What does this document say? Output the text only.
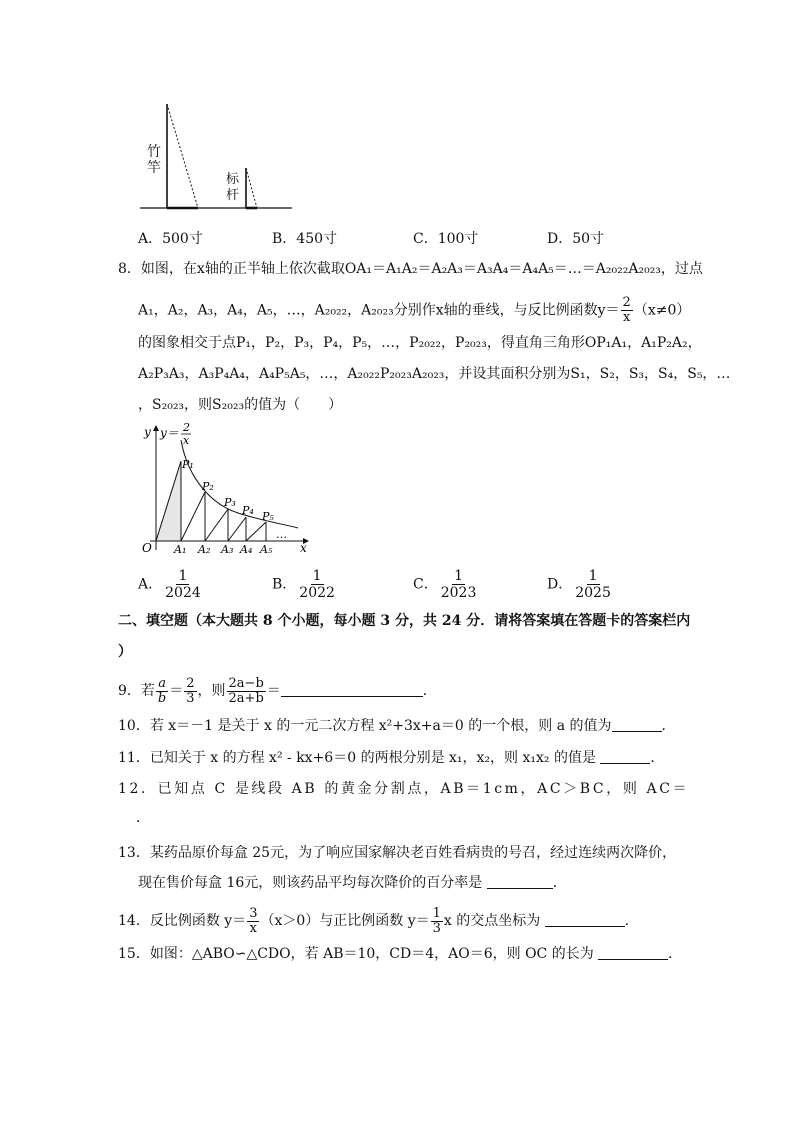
竹竿
标杆
A．500寸	B．450寸	C．100寸	D．50寸
8．如图，在x轴的正半轴上依次截取OA₁＝A₁A₂＝A₂A₃＝A₃A₄＝A₄A₅＝…＝A₂₀₂₂A₂₀₂₃，过点
A₁，A₂，A₃，A₄，A₅，…，A₂₀₂₂，A₂₀₂₃分别作x轴的垂线，与反比例函数$y= \frac{2}{x} (x\ne 0)$
的图象相交于点P₁，P₂，P₃，P₄，P₅，…，P₂₀₂₂，P₂₀₂₃，得直角三角形OP₁A₁，A₁P₂A₂，
A₂P₃A₃，A₃P₄A₄，A₄P₅A₅，…，A₂₀₂₂P₂₀₂₃A₂₀₂₃，并设其面积分别为S₁，S₂，S₃，S₄，S₅，…
，S₂₀₂₃，则S₂₀₂₃的值为（　　）
y
x
O
y＝ 2
x
P₁
P₂
P₃
P₄ P₅
A₁ A₂ A₃ A₄ A₅
…
A． $\frac{1}{2024}$	B． $\frac{1}{2022}$	C． $\frac{1}{2023}$	D． $\frac{1}{2025}$
二、填空题（本大题共 8 个小题，每小题 3 分，共 24 分．请将答案填在答题卡的答案栏内
）
9．若 $\frac{a}{b} = \frac{2}{3}$ ，则 $\frac{2a-b}{2a+b}$ ＝	．
10．若 x＝－1 是关于 x 的一元二次方程 x²+3x+a＝0 的一个根，则 a 的值为	．
11．已知关于 x 的方程 x² - kx+6＝0 的两根分别是 x₁，x₂，则 x₁x₂ 的值是	．
12．已知点 C 是线段 AB 的黄金分割点，AB＝1cm，AC＞BC，则 AC＝
．
13．某药品原价每盒 25元，为了响应国家解决老百姓看病贵的号召，经过连续两次降价，
现在售价每盒 16元，则该药品平均每次降价的百分率是	．
14．反比例函数 $y= \frac{3}{x} (x>0)$与正比例函数 $y= \frac{1}{3}$ x 的交点坐标为	．
15．如图：△ABO∽△CDO，若 AB＝10，CD＝4，AO＝6，则 OC 的长为	．
